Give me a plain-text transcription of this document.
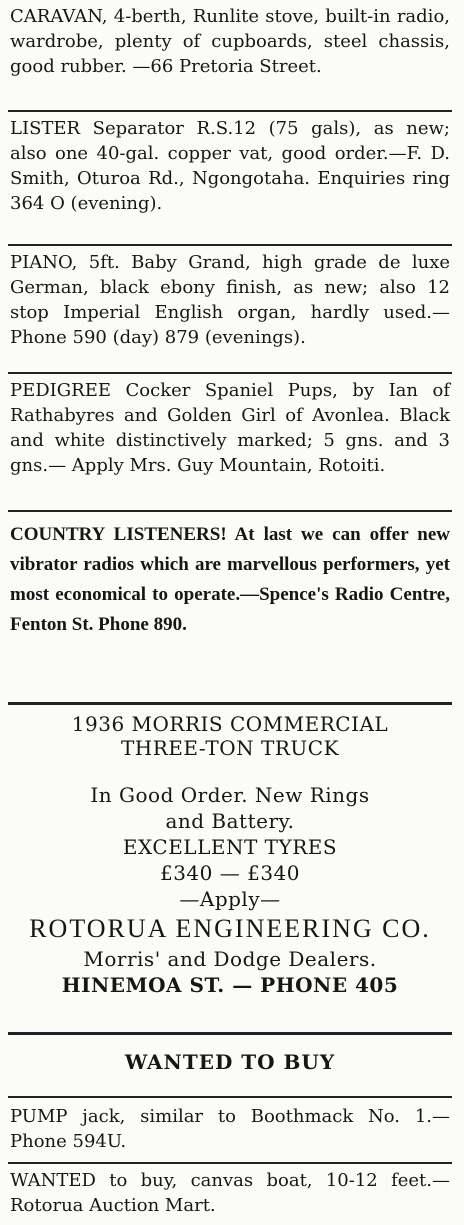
CARAVAN, 4-berth, Runlite stove, built-in radio, wardrobe, plenty of cupboards, steel chassis, good rubber. —66 Pretoria Street.

LISTER Separator R.S.12 (75 gals), as new; also one 40-gal. copper vat, good order.—F. D. Smith, Oturoa Rd., Ngongotaha. Enquiries ring 364 O (evening).

PIANO, 5ft. Baby Grand, high grade de luxe German, black ebony finish, as new; also 12 stop Imperial English organ, hardly used.—Phone 590 (day) 879 (evenings).

PEDIGREE Cocker Spaniel Pups, by Ian of Rathabyres and Golden Girl of Avonlea. Black and white distinctively marked; 5 gns. and 3 gns.— Apply Mrs. Guy Mountain, Rotoiti.

COUNTRY LISTENERS! At last we can offer new vibrator radios which are marvellous performers, yet most economical to operate.—Spence's Radio Centre, Fenton St. Phone 890.

1936 MORRIS COMMERCIAL
THREE-TON TRUCK
In Good Order. New Rings
and Battery.
EXCELLENT TYRES
£340 — £340
—Apply—
ROTORUA ENGINEERING CO.
Morris' and Dodge Dealers.
HINEMOA ST. — PHONE 405
WANTED TO BUY

PUMP jack, similar to Boothmack No. 1.—Phone 594U.

WANTED to buy, canvas boat, 10-12 feet.—Rotorua Auction Mart.
